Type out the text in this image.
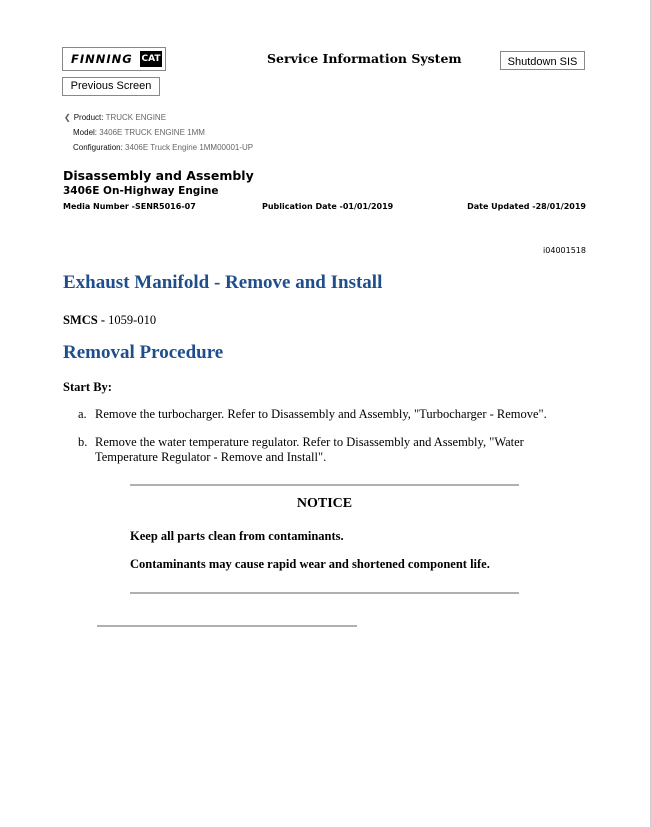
FINNING CAT
Previous Screen
Service Information System	Shutdown SIS
❮ Product: TRUCK ENGINE
Model: 3406E TRUCK ENGINE 1MM
Configuration: 3406E Truck Engine 1MM00001-UP
Disassembly and Assembly
3406E On-Highway Engine
Media Number -SENR5016-07	Publication Date -01/01/2019	Date Updated -28/01/2019
i04001518
Exhaust Manifold - Remove and Install
SMCS - 1059-010
Removal Procedure
Start By:
a. Remove the turbocharger. Refer to Disassembly and Assembly, "Turbocharger - Remove".
b. Remove the water temperature regulator. Refer to Disassembly and Assembly, "Water Temperature Regulator - Remove and Install".
NOTICE
Keep all parts clean from contaminants.
Contaminants may cause rapid wear and shortened component life.
